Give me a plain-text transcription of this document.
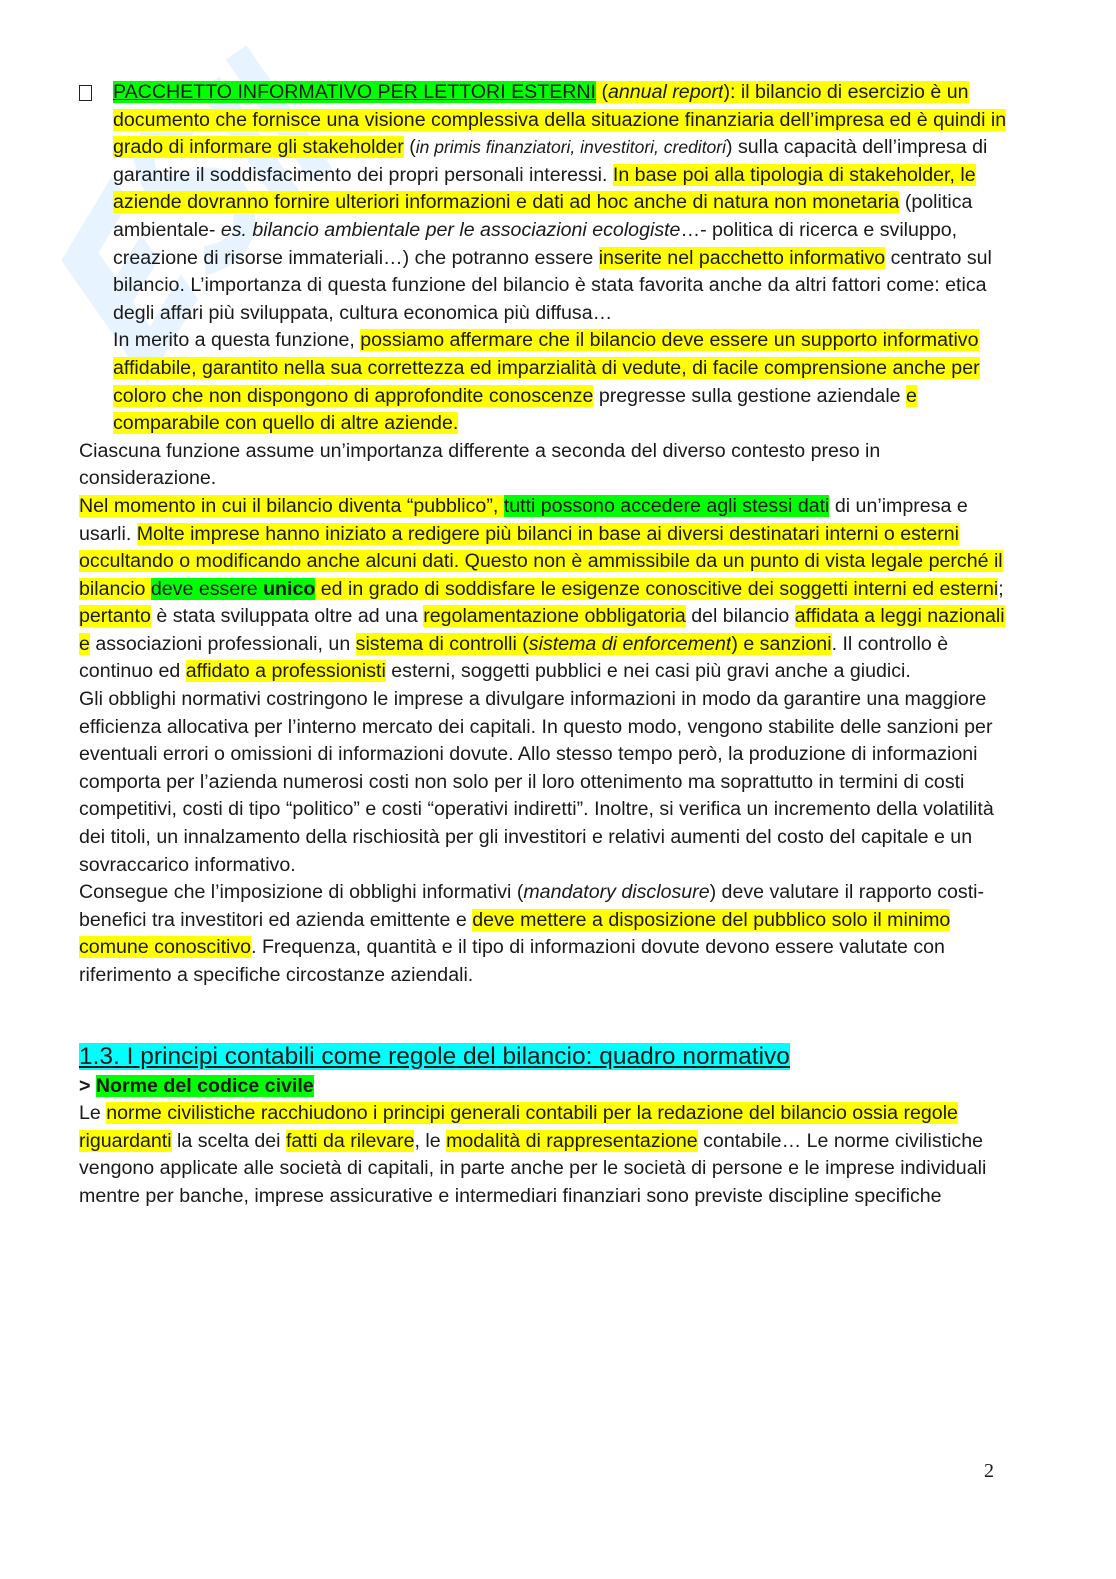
PACCHETTO INFORMATIVO PER LETTORI ESTERNI (annual report): il bilancio di esercizio è un documento che fornisce una visione complessiva della situazione finanziaria dell’impresa ed è quindi in grado di informare gli stakeholder (in primis finanziatori, investitori, creditori) sulla capacità dell’impresa di garantire il soddisfacimento dei propri personali interessi. In base poi alla tipologia di stakeholder, le aziende dovranno fornire ulteriori informazioni e dati ad hoc anche di natura non monetaria (politica ambientale- es. bilancio ambientale per le associazioni ecologiste…- politica di ricerca e sviluppo, creazione di risorse immateriali…) che potranno essere inserite nel pacchetto informativo centrato sul bilancio. L’importanza di questa funzione del bilancio è stata favorita anche da altri fattori come: etica degli affari più sviluppata, cultura economica più diffusa…
In merito a questa funzione, possiamo affermare che il bilancio deve essere un supporto informativo affidabile, garantito nella sua correttezza ed imparzialità di vedute, di facile comprensione anche per coloro che non dispongono di approfondite conoscenze pregresse sulla gestione aziendale e comparabile con quello di altre aziende.

Ciascuna funzione assume un’importanza differente a seconda del diverso contesto preso in considerazione.

Nel momento in cui il bilancio diventa “pubblico”, tutti possono accedere agli stessi dati di un’impresa e usarli. Molte imprese hanno iniziato a redigere più bilanci in base ai diversi destinatari interni o esterni occultando o modificando anche alcuni dati. Questo non è ammissibile da un punto di vista legale perché il bilancio deve essere unico ed in grado di soddisfare le esigenze conoscitive dei soggetti interni ed esterni; pertanto è stata sviluppata oltre ad una regolamentazione obbligatoria del bilancio affidata a leggi nazionali e associazioni professionali, un sistema di controlli (sistema di enforcement) e sanzioni. Il controllo è continuo ed affidato a professionisti esterni, soggetti pubblici e nei casi più gravi anche a giudici.

Gli obblighi normativi costringono le imprese a divulgare informazioni in modo da garantire una maggiore efficienza allocativa per l’interno mercato dei capitali. In questo modo, vengono stabilite delle sanzioni per eventuali errori o omissioni di informazioni dovute. Allo stesso tempo però, la produzione di informazioni comporta per l’azienda numerosi costi non solo per il loro ottenimento ma soprattutto in termini di costi competitivi, costi di tipo “politico” e costi “operativi indiretti”. Inoltre, si verifica un incremento della volatilità dei titoli, un innalzamento della rischiosità per gli investitori e relativi aumenti del costo del capitale e un sovraccarico informativo.

Consegue che l’imposizione di obblighi informativi (mandatory disclosure) deve valutare il rapporto costi-benefici tra investitori ed azienda emittente e deve mettere a disposizione del pubblico solo il minimo comune conoscitivo. Frequenza, quantità e il tipo di informazioni dovute devono essere valutate con riferimento a specifiche circostanze aziendali.

1.3. I principi contabili come regole del bilancio: quadro normativo
> Norme del codice civile

Le norme civilistiche racchiudono i principi generali contabili per la redazione del bilancio ossia regole riguardanti la scelta dei fatti da rilevare, le modalità di rappresentazione contabile… Le norme civilistiche vengono applicate alle società di capitali, in parte anche per le società di persone e le imprese individuali mentre per banche, imprese assicurative e intermediari finanziari sono previste discipline specifiche

2
